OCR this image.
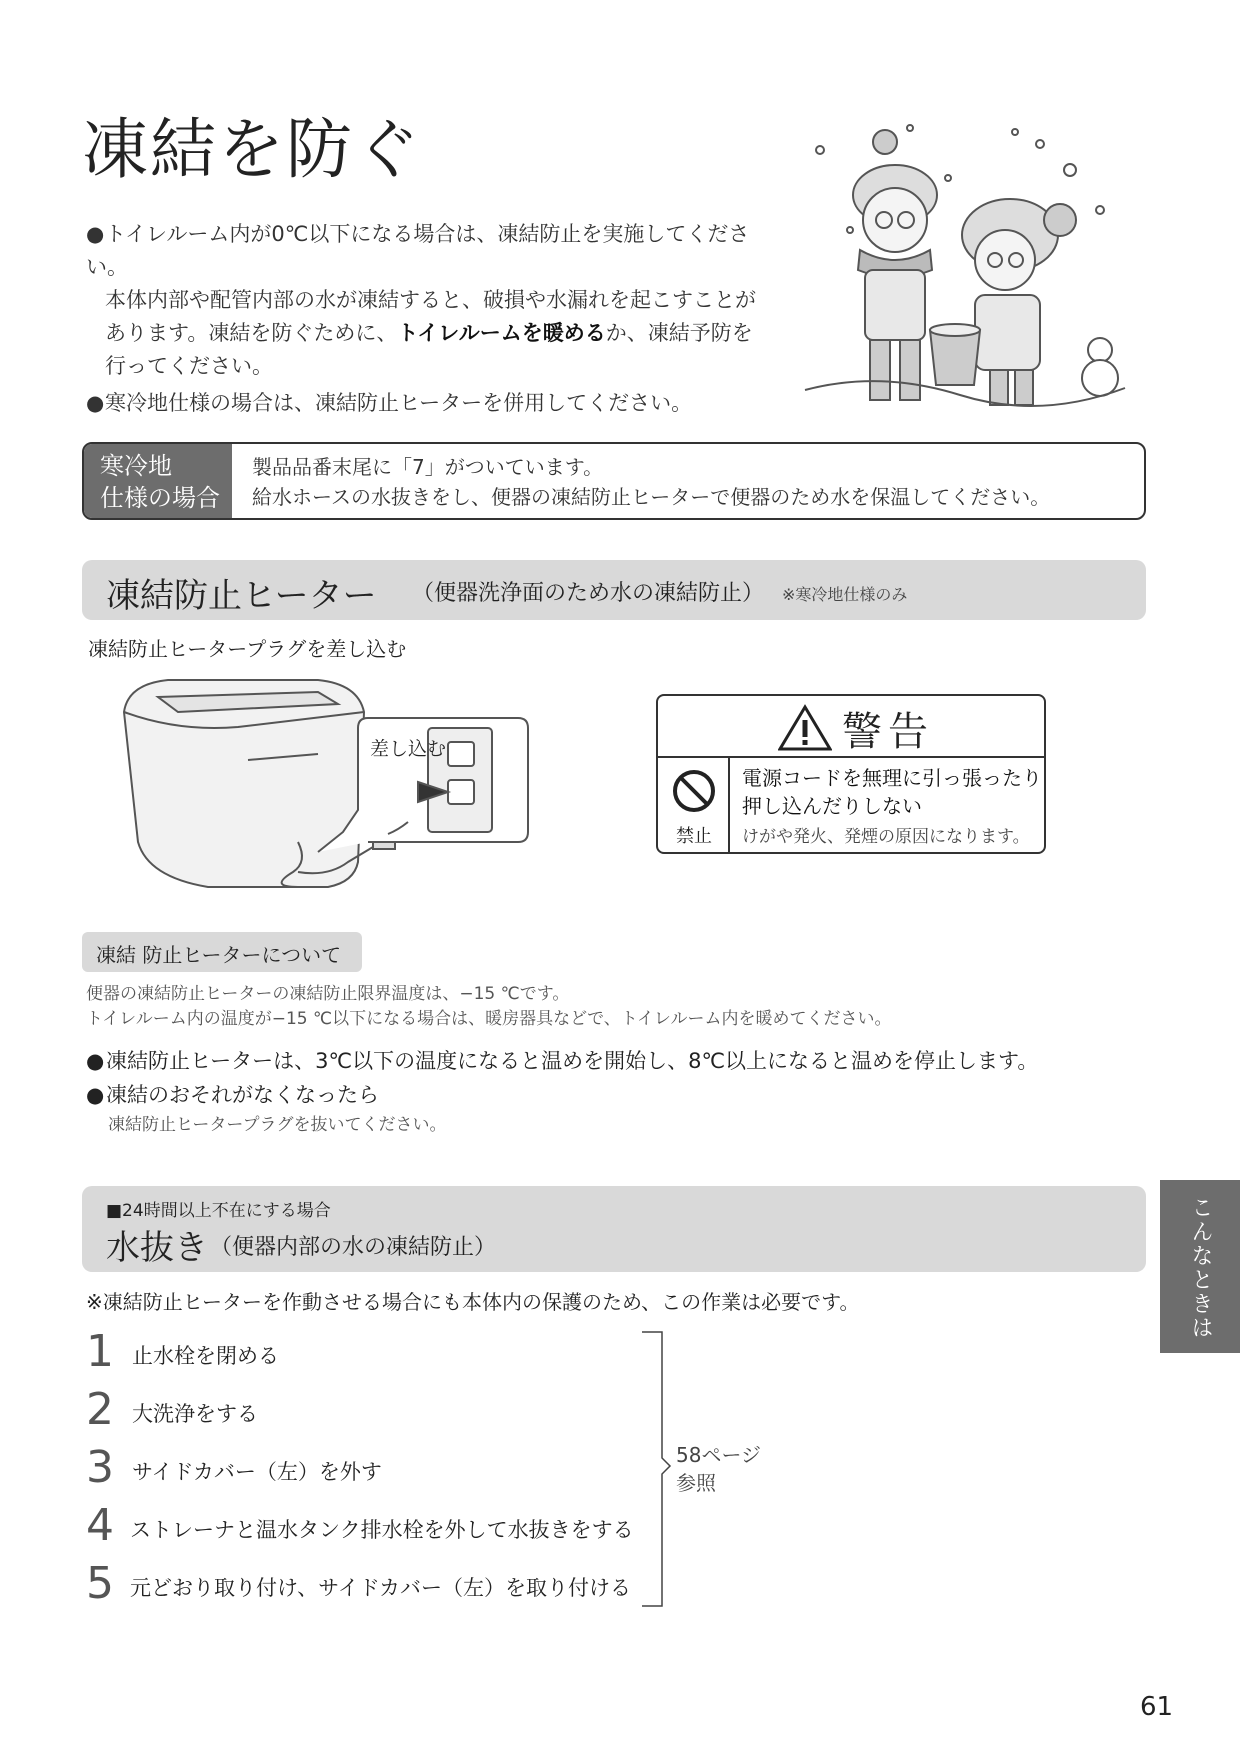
凍結を防ぐ
●トイレルーム内が0℃以下になる場合は、凍結防止を実施してください。
本体内部や配管内部の水が凍結すると、破損や水漏れを起こすことが
あります。凍結を防ぐために、トイレルームを暖めるか、凍結予防を
行ってください。
●寒冷地仕様の場合は、凍結防止ヒーターを併用してください。
寒冷地
仕様の場合
製品品番末尾に「7」がついています。
給水ホースの水抜きをし、便器の凍結防止ヒーターで便器のため水を保温してください。
凍結防止ヒーター （便器洗浄面のため水の凍結防止） ※寒冷地仕様のみ
凍結防止ヒータープラグを差し込む
差し込む	警告
禁止
電源コードを無理に引っ張ったり
押し込んだりしない
けがや発火、発煙の原因になります。
凍結 防止ヒーターについて
便器の凍結防止ヒーターの凍結防止限界温度は、−15 ℃です。
トイレルーム内の温度が−15 ℃以下になる場合は、暖房器具などで、トイレルーム内を暖めてください。
●凍結防止ヒーターは、3℃以下の温度になると温めを開始し、8℃以上になると温めを停止します。
●凍結のおそれがなくなったら
凍結防止ヒータープラグを抜いてください。
■24時間以上不在にする場合
水抜き （便器内部の水の凍結防止）
※凍結防止ヒーターを作動させる場合にも本体内の保護のため、この作業は必要です。
1 止水栓を閉める
2 大洗浄をする
3 サイドカバー（左）を外す
4 ストレーナと温水タンク排水栓を外して水抜きをする
5 元どおり取り付け、サイドカバー（左）を取り付ける
58ページ
参照
こんなときは
61
